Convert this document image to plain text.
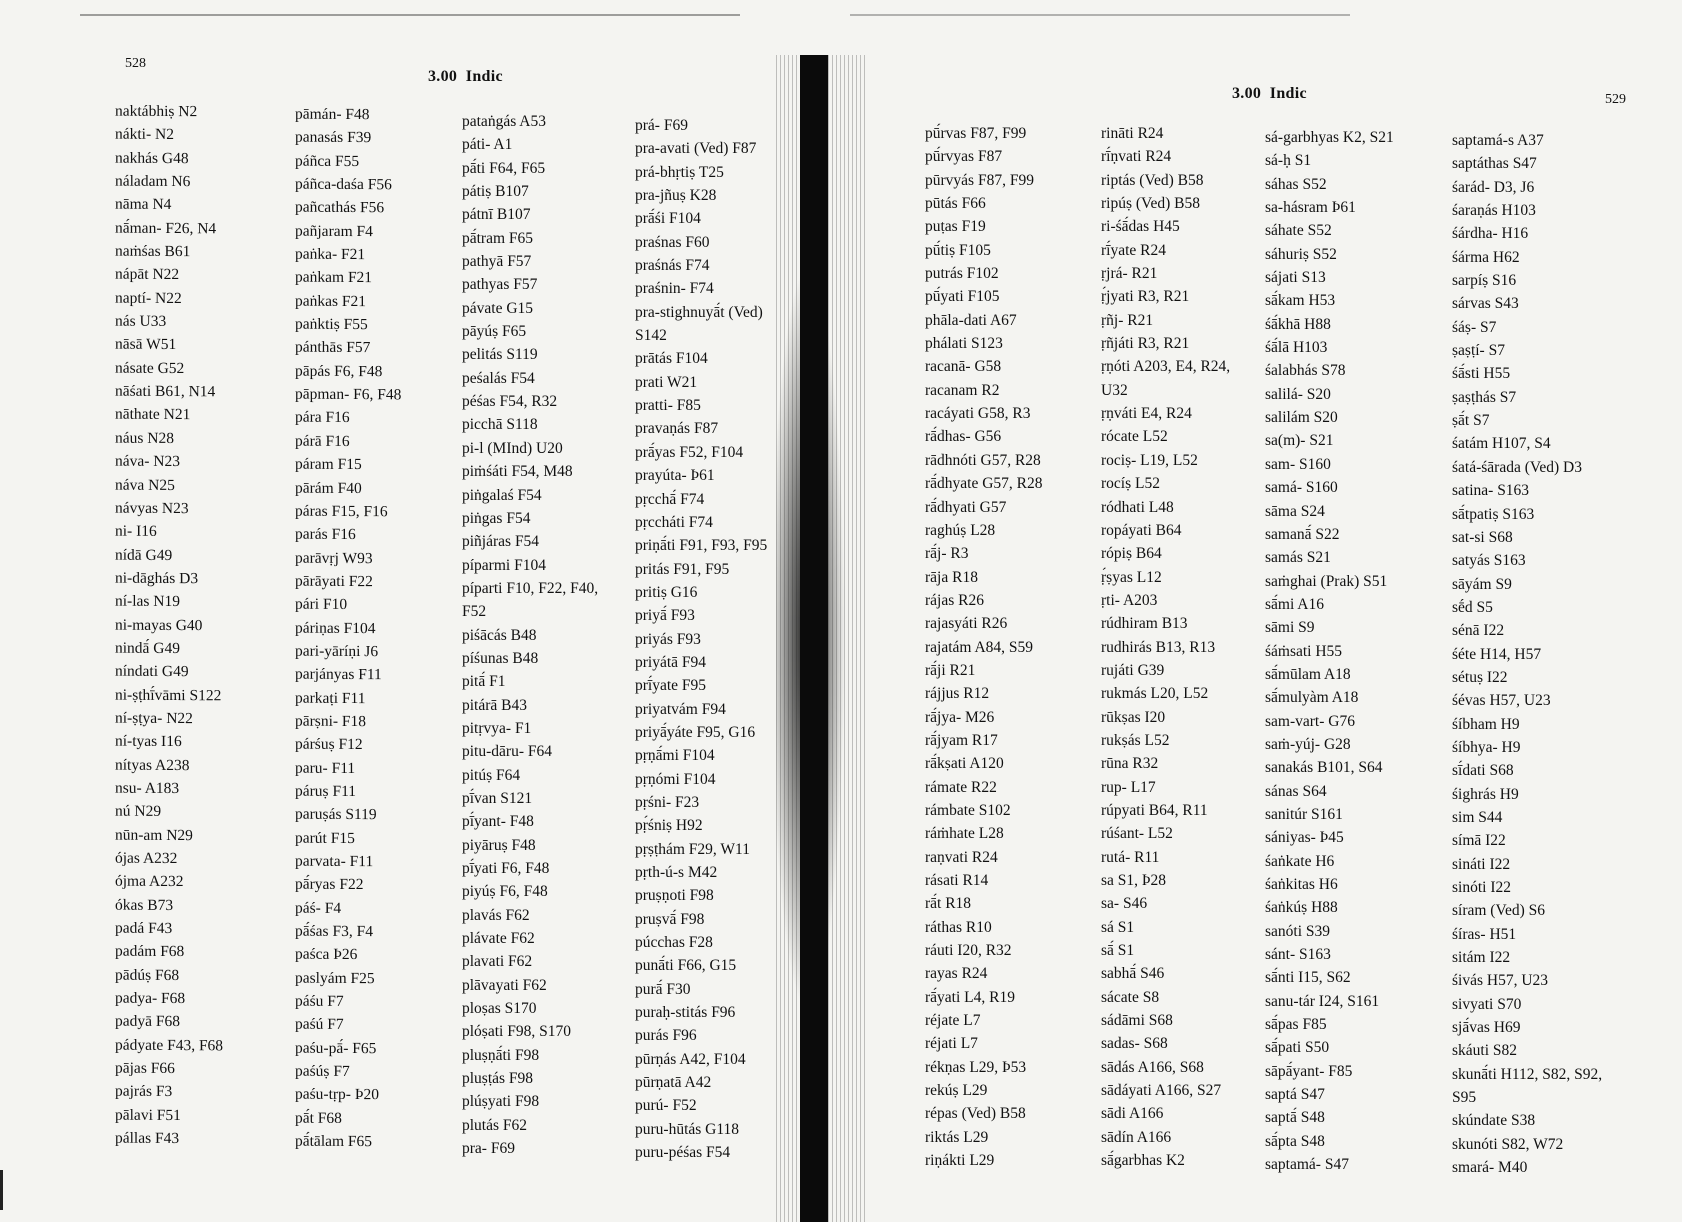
528
3.00  Indic
naktábhiṣ N2
nákti- N2
nakhás G48
náladam N6
nāma N4
nā́man- F26, N4
naṁśas B61
nápāt N22
naptí- N22
nás U33
nāsā W51
násate G52
nāśati B61, N14
nāthate N21
náus N28
náva- N23
náva N25
návyas N23
ni- I16
nídā G49
ni-dāghás D3
ní-las N19
ni-mayas G40
nindā́ G49
níndati G49
ni-ṣṭhī́vāmi S122
ní-ṣṭya- N22
ní-tyas I16
nítyas A238
nsu- A183
nú N29
nūn-am N29
ójas A232
ójma A232
ókas B73
padá F43
padám F68
pādúṣ F68
padya- F68
padyā F68
pádyate F43, F68
pājas F66
pajrás F3
pālavi F51
pállas F43
pāmán- F48
panasás F39
páñca F55
páñca-daśa F56
pañcathás F56
pañjaram F4
paṅka- F21
paṅkam F21
paṅkas F21
paṅktiṣ F55
pánthās F57
pāpás F6, F48
pāpman- F6, F48
pára F16
párā F16
páram F15
pārám F40
páras F15, F16
parás F16
parāvṛj W93
pārāyati F22
pári F10
páriṇas F104
pari-yāríṇi J6
parjányas F11
parkaṭi F11
pārṣni- F18
párśuṣ F12
paru- F11
páruṣ F11
paruṣás S119
parút F15
parvata- F11
pā́ryas F22
páś- F4
pā́śas F3, F4
paśca Þ26
paslyám F25
páśu F7
paśú F7
paśu-pā́- F65
paśúṣ F7
paśu-tṛp- Þ20
pā́t F68
pā́tālam F65
pataṅgás A53
páti- A1
pā́ti F64, F65
pátiṣ B107
pátnī B107
pā́tram F65
pathyā F57
pathyas F57
pávate G15
pāyúṣ F65
pelitás S119
peśalás F54
péśas F54, R32
picchā S118
pi-l (MInd) U20
piṁśáti F54, M48
piṅgalaś F54
piṅgas F54
piñjáras F54
píparmi F104
píparti F10, F22, F40,
F52
piśācás B48
píśunas B48
pitā́ F1
pitárā B43
pitṛvya- F1
pitu-dāru- F64
pitúṣ F64
pī́van S121
pī́yant- F48
piyāruṣ F48
pī́yati F6, F48
piyúṣ F6, F48
plavás F62
plávate F62
plavati F62
plāvayati F62
ploṣas S170
plóṣati F98, S170
pluṣṇā́ti F98
pluṣṭás F98
plúṣyati F98
plutás F62
pra- F69
prá- F69
pra-avati (Ved) F87
prá-bhṛtiṣ T25
pra-jñuṣ K28
prā́śi F104
praśnas F60
praśnás F74
praśnin- F74
pra-stighnuyā́t (Ved)
S142
prātás F104
prati W21
pratti- F85
pravaṇás F87
prā́yas F52, F104
prayúta- Þ61
pṛcchā́ F74
pṛccháti F74
priṇā́ti F91, F93, F95
pritás F91, F95
pritiṣ G16
priyā́ F93
priyás F93
priyátā F94
prī́yate F95
priyatvám F94
priyā́yáte F95, G16
pṛṇā́mi F104
pṛṇómi F104
pṛśni- F23
pṛ́śniṣ H92
pṛṣṭhám F29, W11
pṛth-ú-s M42
pruṣṇoti F98
pruṣvā́ F98
púcchas F28
punā́ti F66, G15
purā́ F30
puraḥ-stitás F96
purás F96
pūrṇás A42, F104
pūrṇatā A42
purú- F52
puru-hūtás G118
puru-péśas F54
529
3.00  Indic
pū́rvas F87, F99
pū́rvyas F87
pūrvyás F87, F99
pūtás F66
puṭas F19
pū́tiṣ F105
putrás F102
pū́yati F105
phāla-dati A67
phálati S123
racanā- G58
racanam R2
racáyati G58, R3
rā́dhas- G56
rādhnóti G57, R28
rā́dhyate G57, R28
rā́dhyati G57
raghúṣ L28
rā́j- R3
rāja R18
rájas R26
rajasyáti R26
rajatám A84, S59
rā́ji R21
rájjus R12
rā́jya- M26
rā́jyam R17
rā́kṣati A120
rámate R22
rámbate S102
ráṁhate L28
raṇvati R24
rásati R14
rā́t R18
ráthas R10
ráuti I20, R32
rayas R24
rā́yati L4, R19
réjate L7
réjati L7
rékṇas L29, Þ53
rekúṣ L29
répas (Ved) B58
riktás L29
riṇákti L29
rināti R24
rī́ṇvati R24
riptás (Ved) B58
ripúṣ (Ved) B58
ri-śā́das H45
rī́yate R24
ṛjrá- R21
ṛ́jyati R3, R21
ṛñj- R21
ṛñjáti R3, R21
ṛṇóti A203, E4, R24,
U32
ṛṇváti E4, R24
rócate L52
rociṣ- L19, L52
rocíṣ L52
ródhati L48
ropáyati B64
rópiṣ B64
ṛ́ṣyas L12
ṛti- A203
rúdhiram B13
rudhirás B13, R13
rujáti G39
rukmás L20, L52
rūkṣas I20
rukṣás L52
rūna R32
rup- L17
rúpyati B64, R11
rúśant- L52
rutá- R11
sa S1, Þ28
sa- S46
sá S1
sā́ S1
sabhā́ S46
sácate S8
sádāmi S68
sadas- S68
sādás A166, S68
sādáyati A166, S27
sādi A166
sādín A166
sā́garbhas K2
sá-garbhyas K2, S21
sá-ḥ S1
sáhas S52
sa-hásram Þ61
sáhate S52
sáhuriṣ S52
sájati S13
sā́kam H53
śā́khā H88
śā́lā H103
śalabhás S78
salilá- S20
salilám S20
sa(m)- S21
sam- S160
samá- S160
sāma S24
samanā́ S22
samás S21
saṁghai (Prak) S51
sā́mi A16
sāmi S9
śáṁsati H55
sā́mūlam A18
sā́mulyàm A18
sam-vart- G76
saṁ-yúj- G28
sanakás B101, S64
sánas S64
sanitúr S161
sániyas- Þ45
śaṅkate H6
śaṅkitas H6
śaṅkúṣ H88
sanóti S39
sánt- S163
sā́nti I15, S62
sanu-tár I24, S161
sā́pas F85
sā́pati S50
sāpā́yant- F85
saptá S47
saptā́ S48
sā́pta S48
saptamá- S47
saptamá-s A37
saptáthas S47
śarád- D3, J6
śaraṇás H103
śárdha- H16
śárma H62
sarpíṣ S16
sárvas S43
śáṣ- S7
ṣaṣṭí- S7
śā́sti H55
ṣaṣṭhás S7
ṣā́t S7
śatám H107, S4
śatá-śārada (Ved) D3
satina- S163
sā́tpatiṣ S163
sat-si S68
satyás S163
sāyám S9
sḗd S5
sénā I22
śéte H14, H57
sétuṣ I22
śévas H57, U23
śíbham H9
śíbhya- H9
sī́dati S68
śighrás H9
sim S44
símā I22
sináti I22
sinóti I22
síram (Ved) S6
śíras- H51
sitám I22
śivás H57, U23
sivyati S70
sjā́vas H69
skáuti S82
skunā́ti H112, S82, S92,
S95
skúndate S38
skunóti S82, W72
smará- M40
